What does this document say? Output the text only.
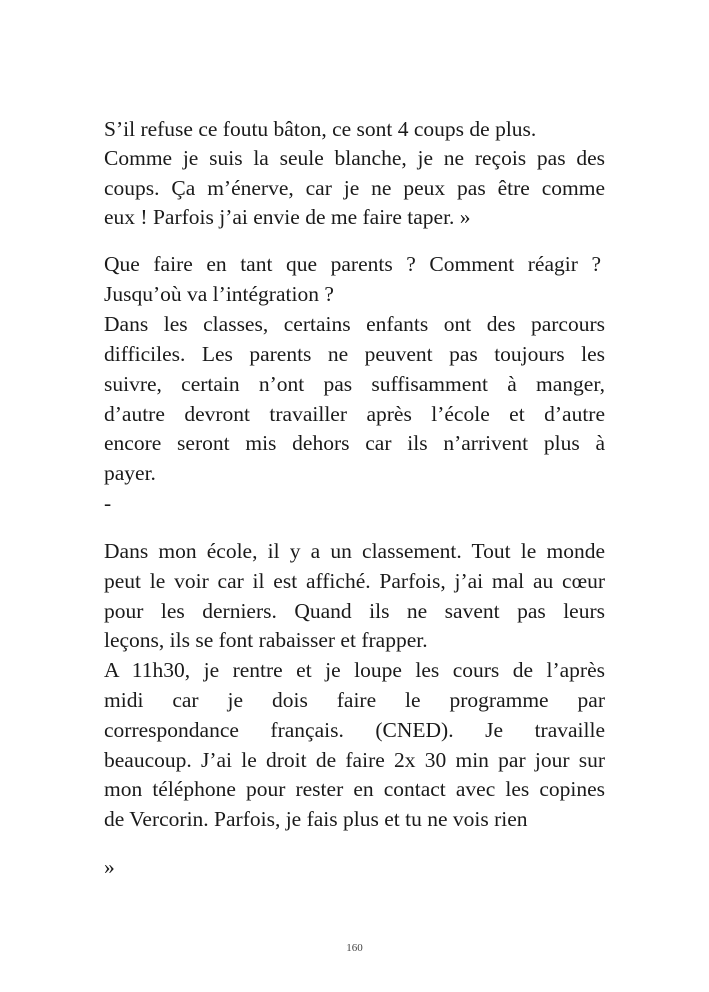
S’il refuse ce foutu bâton, ce sont 4 coups de plus.
Comme je suis la seule blanche, je ne reçois pas des
coups. Ça m’énerve, car je ne peux pas être comme
eux ! Parfois j’ai envie de me faire taper. »
Que faire en tant que parents ? Comment réagir ?
Jusqu’où va l’intégration ?
Dans les classes, certains enfants ont des parcours
difficiles. Les parents ne peuvent pas toujours les
suivre, certain n’ont pas suffisamment à manger,
d’autre devront travailler après l’école et d’autre
encore seront mis dehors car ils n’arrivent plus à
payer.
-
Dans mon école, il y a un classement. Tout le monde
peut le voir car il est affiché. Parfois, j’ai mal au cœur
pour les derniers. Quand ils ne savent pas leurs
leçons, ils se font rabaisser et frapper.
A 11h30, je rentre et je loupe les cours de l’après
midi car je dois faire le programme par
correspondance français. (CNED). Je travaille
beaucoup. J’ai le droit de faire 2x 30 min par jour sur
mon téléphone pour rester en contact avec les copines
de Vercorin. Parfois, je fais plus et tu ne vois rien
»
160
